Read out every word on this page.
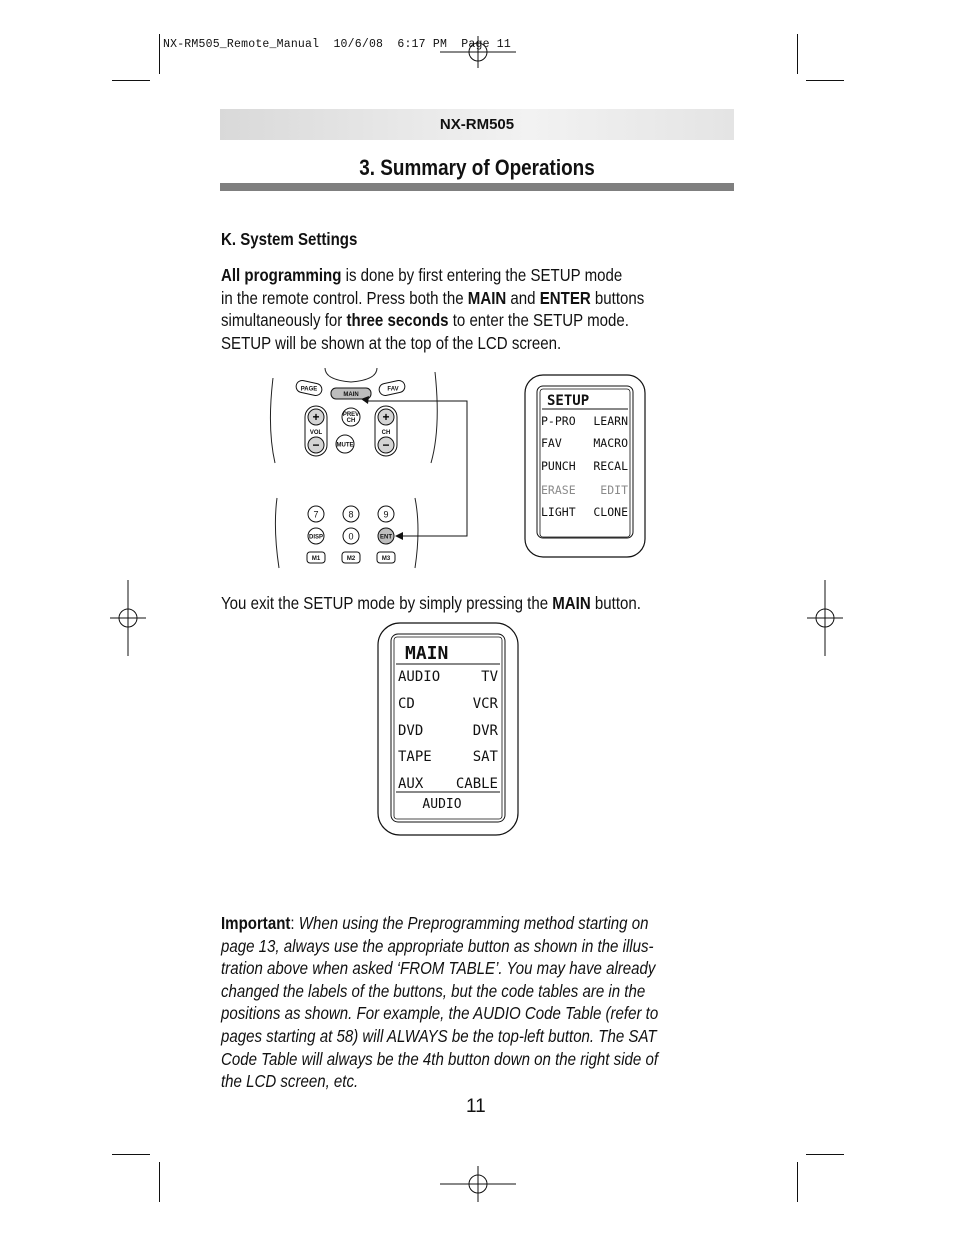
NX-RM505_Remote_Manual 10/6/08 6:17 PM Page 11
NX-RM505
3. Summary of Operations
K. System Settings
All programming is done by first entering the SETUP mode
in the remote control. Press both the MAIN and ENTER buttons
simultaneously for three seconds to enter the SETUP mode.
SETUP will be shown at the top of the LCD screen.
PAGE
MAIN
FAV
+
VOL
−
PREV
CH
MUTE
+
CH
−
7	8	9
DISP	0	ENT
M1	M2	M3
SETUP
P-PRO LEARN
FAV	MACRO
PUNCH RECAL
ERASE EDIT
LIGHT CLONE
You exit the SETUP mode by simply pressing the MAIN button.
MAIN
AUDIO	TV
CD	VCR
DVD	DVR
TAPE	SAT
AUX CABLE
AUDIO
Important: When using the Preprogramming method starting on
page 13, always use the appropriate button as shown in the illus-
tration above when asked ‘FROM TABLE’. You may have already
changed the labels of the buttons, but the code tables are in the
positions as shown. For example, the AUDIO Code Table (refer to
pages starting at 58) will ALWAYS be the top-left button. The SAT
Code Table will always be the 4th button down on the right side of
the LCD screen, etc.
11
